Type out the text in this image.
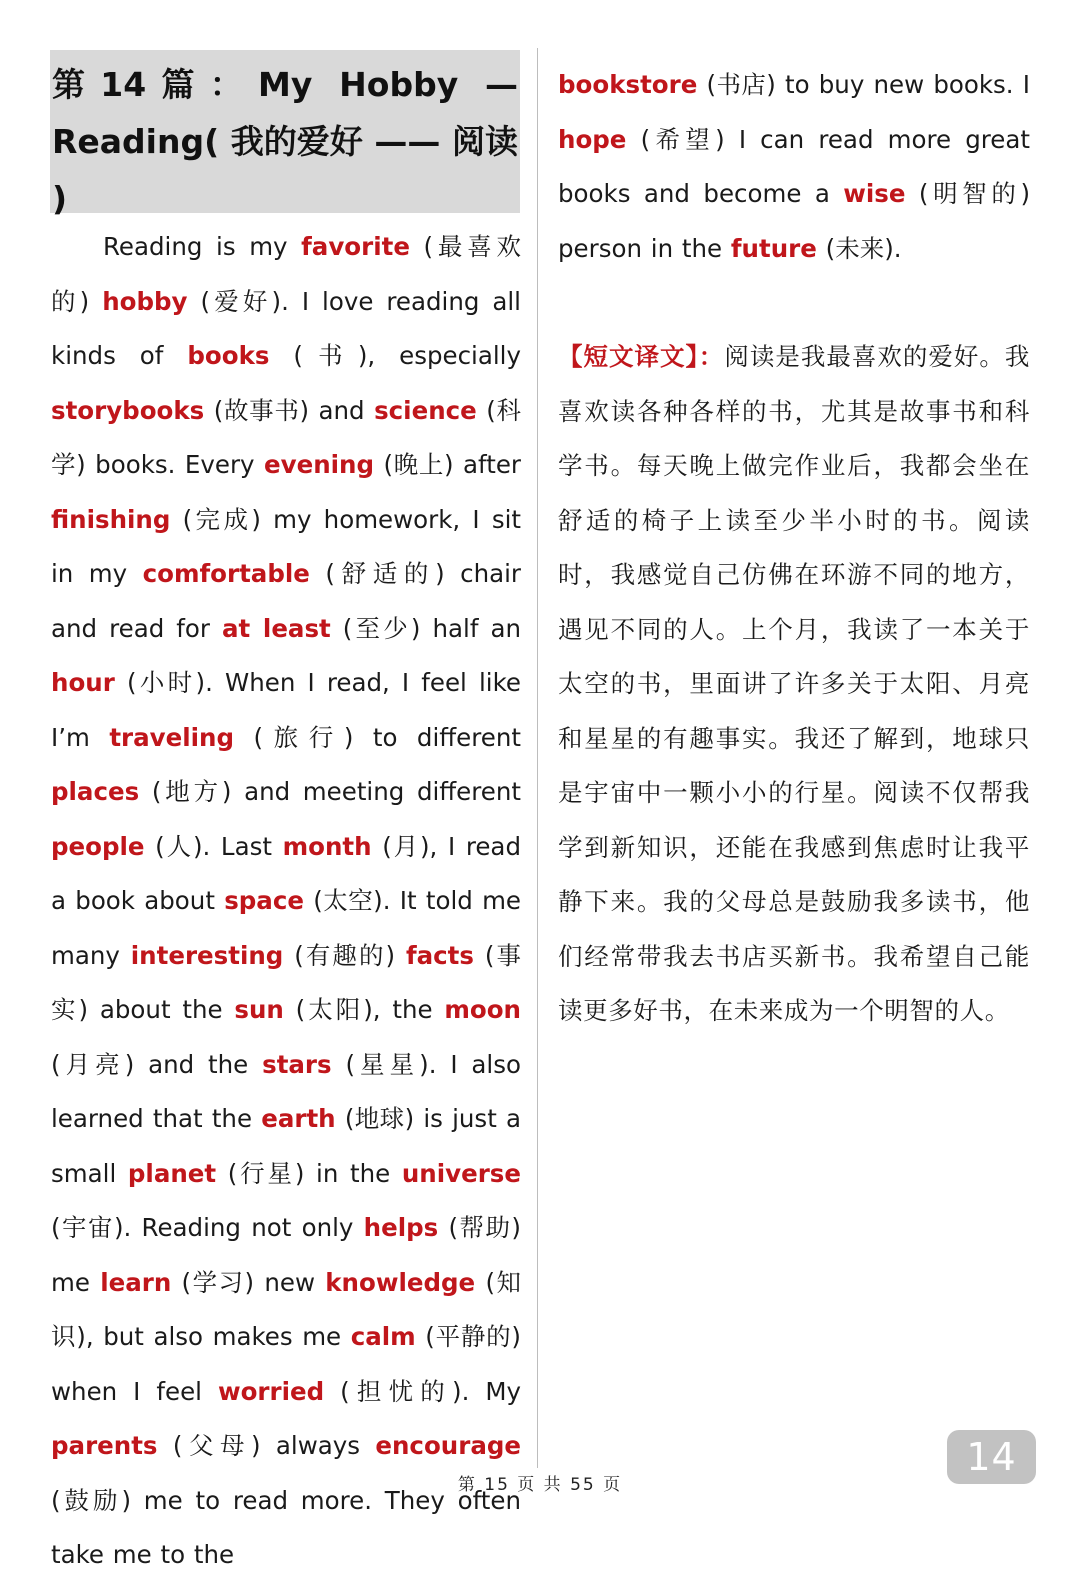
第14篇：My Hobby — Reading( 我的爱好 —— 阅读 )

Reading is my favorite (最喜欢的) hobby (爱好). I love reading all kinds of books (书), especially storybooks (故事书) and science (科学) books. Every evening (晚上) after finishing (完成) my homework, I sit in my comfortable (舒适的) chair and read for at least (至少) half an hour (小时). When I read, I feel like I’m traveling (旅行) to different places (地方) and meeting different people (人). Last month (月), I read a book about space (太空). It told me many interesting (有趣的) facts (事实) about the sun (太阳), the moon (月亮) and the stars (星星). I also learned that the earth (地球) is just a small planet (行星) in the universe (宇宙). Reading not only helps (帮助) me learn (学习) new knowledge (知识), but also makes me calm (平静的) when I feel worried (担忧的). My parents (父母) always encourage (鼓励) me to read more. They often take me to the

bookstore (书店) to buy new books. I hope (希望) I can read more great books and become a wise (明智的) person in the future (未来).

【短文译文】：阅读是我最喜欢的爱好。我喜欢读各种各样的书，尤其是故事书和科学书。每天晚上做完作业后，我都会坐在舒适的椅子上读至少半小时的书。阅读时，我感觉自己仿佛在环游不同的地方，遇见不同的人。上个月，我读了一本关于太空的书，里面讲了许多关于太阳、月亮和星星的有趣事实。我还了解到，地球只是宇宙中一颗小小的行星。阅读不仅帮我学到新知识，还能在我感到焦虑时让我平静下来。我的父母总是鼓励我多读书，他们经常带我去书店买新书。我希望自己能读更多好书，在未来成为一个明智的人。

14
第 15 页 共 55 页
